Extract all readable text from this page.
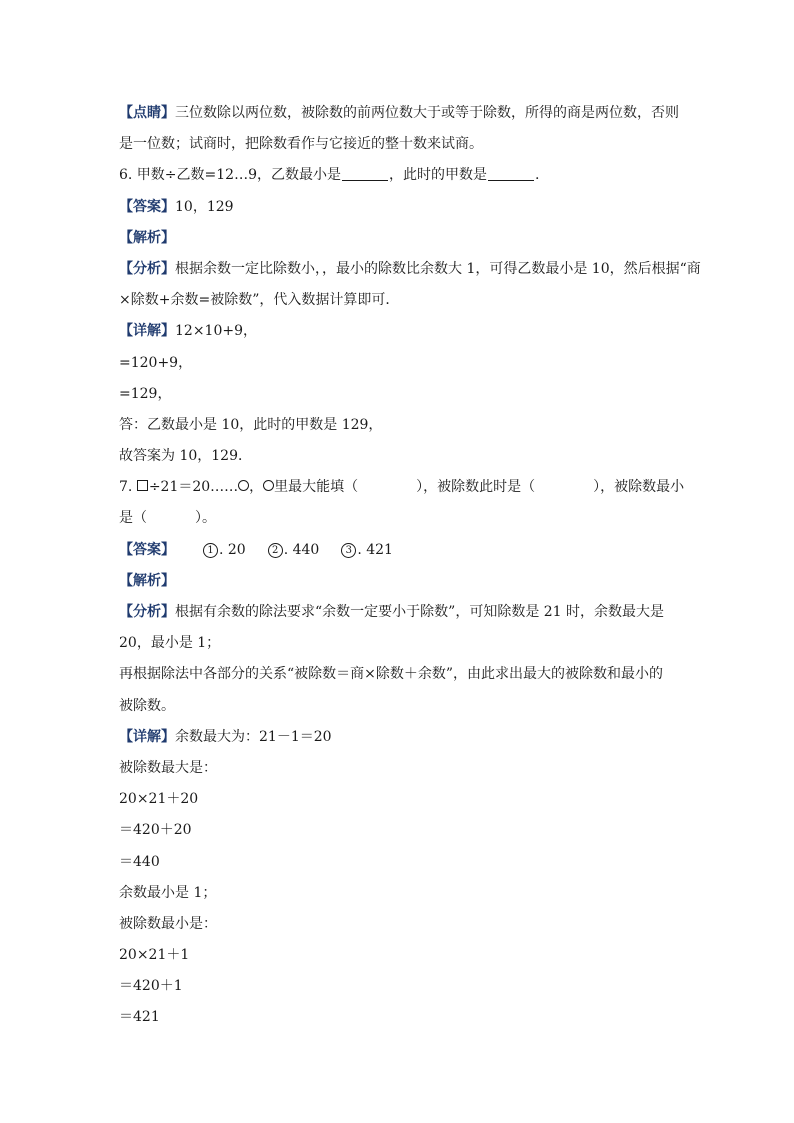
【点睛】三位数除以两位数，被除数的前两位数大于或等于除数，所得的商是两位数，否则
是一位数；试商时，把除数看作与它接近的整十数来试商。
6. 甲数÷乙数=12…9，乙数最小是	，此时的甲数是	.
【答案】10，129
【解析】
【分析】根据余数一定比除数小，，最小的除数比余数大 1，可得乙数最小是 10，然后根据“商
×除数+余数=被除数”，代入数据计算即可．
【详解】12×10+9，
=120+9，
=129，
答：乙数最小是 10，此时的甲数是 129，
故答案为 10，129．
7. ÷21＝20…… ， 里最大能填（	），被除数此时是（	），被除数最小
是（	）。
【答案】	1 . 20	2 . 440	3 . 421
【解析】
【分析】根据有余数的除法要求“余数一定要小于除数”，可知除数是 21 时，余数最大是
20，最小是 1；
再根据除法中各部分的关系“被除数＝商×除数＋余数”，由此求出最大的被除数和最小的
被除数。
【详解】余数最大为：21－1＝20
被除数最大是：
20×21＋20
＝420＋20
＝440
余数最小是 1；
被除数最小是：
20×21＋1
＝420＋1
＝421
